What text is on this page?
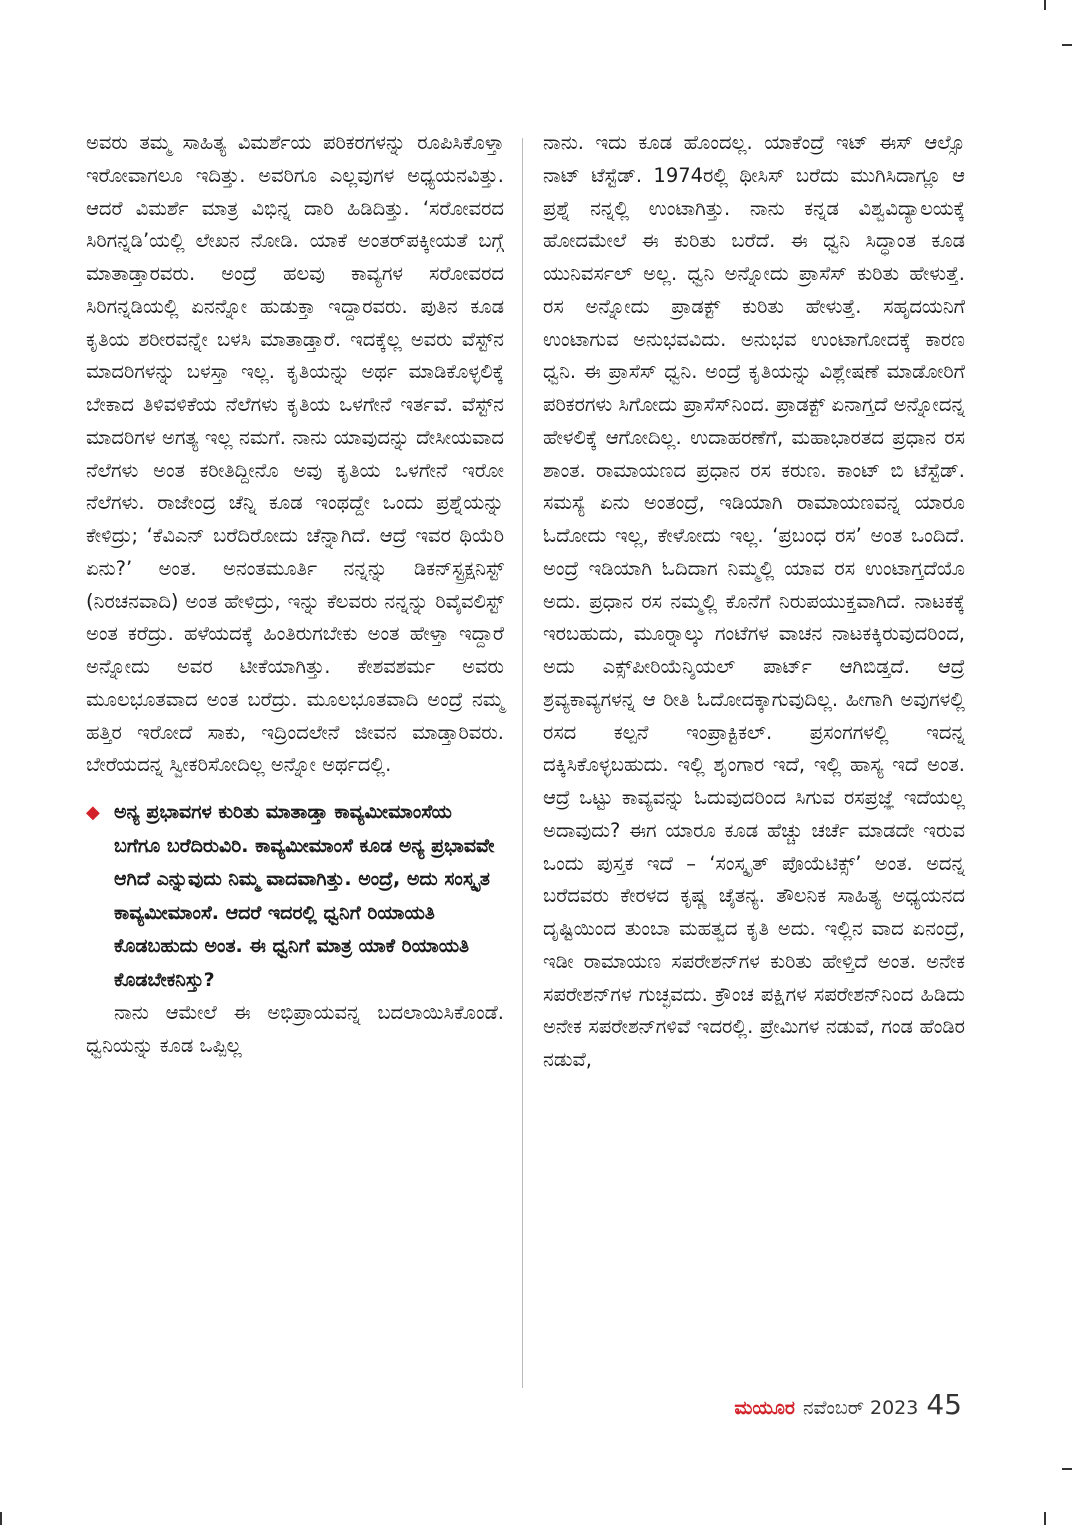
ಅವರು ತಮ್ಮ ಸಾಹಿತ್ಯ ವಿಮರ್ಶೆಯ ಪರಿಕರಗಳನ್ನು ರೂಪಿಸಿಕೊಳ್ತಾ ಇರೋವಾಗಲೂ ಇದಿತ್ತು. ಅವರಿಗೂ ಎಲ್ಲವುಗಳ ಅಧ್ಯಯನವಿತ್ತು. ಆದರೆ ವಿಮರ್ಶೆ ಮಾತ್ರ ವಿಭಿನ್ನ ದಾರಿ ಹಿಡಿದಿತ್ತು. ‘ಸರೋವರದ ಸಿರಿಗನ್ನಡಿ’ಯಲ್ಲಿ ಲೇಖನ ನೋಡಿ. ಯಾಕೆ ಅಂತರ್‌ಪಕ್ಕೀಯತೆ ಬಗ್ಗೆ ಮಾತಾಡ್ತಾರವರು. ಅಂದ್ರೆ ಹಲವು ಕಾವ್ಯಗಳ ಸರೋವರದ ಸಿರಿಗನ್ನಡಿಯಲ್ಲಿ ಏನನ್ನೋ ಹುಡುಕ್ತಾ ಇದ್ದಾರವರು. ಪುತಿನ ಕೂಡ ಕೃತಿಯ ಶರೀರವನ್ನೇ ಬಳಸಿ ಮಾತಾಡ್ತಾರೆ. ಇದಕ್ಕೆಲ್ಲ ಅವರು ವೆಸ್ಟ್‌ನ ಮಾದರಿಗಳನ್ನು ಬಳಸ್ತಾ ಇಲ್ಲ. ಕೃತಿಯನ್ನು ಅರ್ಥ ಮಾಡಿಕೊಳ್ಳಲಿಕ್ಕೆ ಬೇಕಾದ ತಿಳಿವಳಿಕೆಯ ನೆಲೆಗಳು ಕೃತಿಯ ಒಳಗೇನೆ ಇರ್ತವೆ. ವೆಸ್ಟ್‌ನ ಮಾದರಿಗಳ ಅಗತ್ಯ ಇಲ್ಲ ನಮಗೆ. ನಾನು ಯಾವುದನ್ನು ದೇಸೀಯವಾದ ನೆಲೆಗಳು ಅಂತ ಕರೀತಿದ್ದೀನೊ ಅವು ಕೃತಿಯ ಒಳಗೇನೆ ಇರೋ ನೆಲೆಗಳು. ರಾಜೇಂದ್ರ ಚೆನ್ನಿ ಕೂಡ ಇಂಥದ್ದೇ ಒಂದು ಪ್ರಶ್ನೆಯನ್ನು ಕೇಳಿದ್ರು; ‘ಕೆವಿಎನ್ ಬರೆದಿರೋದು ಚೆನ್ನಾಗಿದೆ. ಆದ್ರೆ ಇವರ ಥಿಯೆರಿ ಏನು?’ ಅಂತ. ಅನಂತಮೂರ್ತಿ ನನ್ನನ್ನು ಡಿಕನ್‌ಸ್ಟ್ರಕ್ಷನಿಸ್ಟ್ (ನಿರಚನವಾದಿ) ಅಂತ ಹೇಳಿದ್ರು, ಇನ್ನು ಕೆಲವರು ನನ್ನನ್ನು ರಿವೈವಲಿಸ್ಟ್ ಅಂತ ಕರೆದ್ರು. ಹಳೆಯದಕ್ಕೆ ಹಿಂತಿರುಗಬೇಕು ಅಂತ ಹೇಳ್ತಾ ಇದ್ದಾರೆ ಅನ್ನೋದು ಅವರ ಟೀಕೆಯಾಗಿತ್ತು. ಕೇಶವಶರ್ಮ ಅವರು ಮೂಲಭೂತವಾದ ಅಂತ ಬರೆದ್ರು. ಮೂಲಭೂತವಾದಿ ಅಂದ್ರೆ ನಮ್ಮ ಹತ್ತಿರ ಇರೋದೆ ಸಾಕು, ಇದ್ರಿಂದಲೇನೆ ಜೀವನ ಮಾಡ್ತಾರಿವರು. ಬೇರೆಯದನ್ನ ಸ್ವೀಕರಿಸೋದಿಲ್ಲ ಅನ್ನೋ ಅರ್ಥದಲ್ಲಿ.

◆ ಅನ್ಯ ಪ್ರಭಾವಗಳ ಕುರಿತು ಮಾತಾಡ್ತಾ ಕಾವ್ಯಮೀಮಾಂಸೆಯ ಬಗೆಗೂ ಬರೆದಿರುವಿರಿ. ಕಾವ್ಯಮೀಮಾಂಸೆ ಕೂಡ ಅನ್ಯ ಪ್ರಭಾವವೇ ಆಗಿದೆ ಎನ್ನುವುದು ನಿಮ್ಮ ವಾದವಾಗಿತ್ತು. ಅಂದ್ರೆ, ಅದು ಸಂಸ್ಕೃತ ಕಾವ್ಯಮೀಮಾಂಸೆ. ಆದರೆ ಇದರಲ್ಲಿ ಧ್ವನಿಗೆ ರಿಯಾಯತಿ ಕೊಡಬಹುದು ಅಂತ. ಈ ಧ್ವನಿಗೆ ಮಾತ್ರ ಯಾಕೆ ರಿಯಾಯತಿ ಕೊಡಬೇಕನಿಸ್ತು?

ನಾನು ಆಮೇಲೆ ಈ ಅಭಿಪ್ರಾಯವನ್ನ ಬದಲಾಯಿಸಿಕೊಂಡೆ. ಧ್ವನಿಯನ್ನು ಕೂಡ ಒಪ್ಪಿಲ್ಲ

ನಾನು. ಇದು ಕೂಡ ಹೊಂದಲ್ಲ. ಯಾಕೆಂದ್ರೆ ಇಟ್ ಈಸ್ ಆಲ್ಸೊ ನಾಟ್ ಟೆಸ್ಟೆಡ್. 1974ರಲ್ಲಿ ಥೀಸಿಸ್ ಬರೆದು ಮುಗಿಸಿದಾಗ್ಲೂ ಆ ಪ್ರಶ್ನೆ ನನ್ನಲ್ಲಿ ಉಂಟಾಗಿತ್ತು. ನಾನು ಕನ್ನಡ ವಿಶ್ವವಿದ್ಯಾಲಯಕ್ಕೆ ಹೋದಮೇಲೆ ಈ ಕುರಿತು ಬರೆದೆ. ಈ ಧ್ವನಿ ಸಿದ್ಧಾಂತ ಕೂಡ ಯುನಿವರ್ಸಲ್ ಅಲ್ಲ. ಧ್ವನಿ ಅನ್ನೋದು ಪ್ರಾಸೆಸ್ ಕುರಿತು ಹೇಳುತ್ತೆ. ರಸ ಅನ್ನೋದು ಪ್ರಾಡಕ್ಟ್ ಕುರಿತು ಹೇಳುತ್ತೆ. ಸಹೃದಯನಿಗೆ ಉಂಟಾಗುವ ಅನುಭವವಿದು. ಅನುಭವ ಉಂಟಾಗೋದಕ್ಕೆ ಕಾರಣ ಧ್ವನಿ. ಈ ಪ್ರಾಸೆಸ್ ಧ್ವನಿ. ಅಂದ್ರೆ ಕೃತಿಯನ್ನು ವಿಶ್ಲೇಷಣೆ ಮಾಡೋರಿಗೆ ಪರಿಕರಗಳು ಸಿಗೋದು ಪ್ರಾಸೆಸ್‌ನಿಂದ. ಪ್ರಾಡಕ್ಟ್ ಏನಾಗ್ತದೆ ಅನ್ನೋದನ್ನ ಹೇಳಲಿಕ್ಕೆ ಆಗೋದಿಲ್ಲ. ಉದಾಹರಣೆಗೆ, ಮಹಾಭಾರತದ ಪ್ರಧಾನ ರಸ ಶಾಂತ. ರಾಮಾಯಣದ ಪ್ರಧಾನ ರಸ ಕರುಣ. ಕಾಂಟ್ ಬಿ ಟೆಸ್ಟೆಡ್. ಸಮಸ್ಯೆ ಏನು ಅಂತಂದ್ರೆ, ಇಡಿಯಾಗಿ ರಾಮಾಯಣವನ್ನ ಯಾರೂ ಓದೋದು ಇಲ್ಲ, ಕೇಳೋದು ಇಲ್ಲ. ‘ಪ್ರಬಂಧ ರಸ’ ಅಂತ ಒಂದಿದೆ. ಅಂದ್ರೆ ಇಡಿಯಾಗಿ ಓದಿದಾಗ ನಿಮ್ಮಲ್ಲಿ ಯಾವ ರಸ ಉಂಟಾಗ್ತದೆಯೊ ಅದು. ಪ್ರಧಾನ ರಸ ನಮ್ಮಲ್ಲಿ ಕೊನೆಗೆ ನಿರುಪಯುಕ್ತವಾಗಿದೆ. ನಾಟಕಕ್ಕೆ ಇರಬಹುದು, ಮೂರ್‍ನಾಲ್ಕು ಗಂಟೆಗಳ ವಾಚನ ನಾಟಕಕ್ಕಿರುವುದರಿಂದ, ಅದು ಎಕ್ಸ್‌ಪೀರಿಯೆನ್ಶಿಯಲ್ ಪಾರ್ಟ್ ಆಗಿಬಿಡ್ತದೆ. ಆದ್ರೆ ಶ್ರವ್ಯಕಾವ್ಯಗಳನ್ನ ಆ ರೀತಿ ಓದೋದಕ್ಕಾಗುವುದಿಲ್ಲ. ಹೀಗಾಗಿ ಅವುಗಳಲ್ಲಿ ರಸದ ಕಲ್ಪನೆ ಇಂಪ್ರಾಕ್ಟಿಕಲ್. ಪ್ರಸಂಗಗಳಲ್ಲಿ ಇದನ್ನ ದಕ್ಕಿಸಿಕೊಳ್ಳಬಹುದು. ಇಲ್ಲಿ ಶೃಂಗಾರ ಇದೆ, ಇಲ್ಲಿ ಹಾಸ್ಯ ಇದೆ ಅಂತ. ಆದ್ರೆ ಒಟ್ಟು ಕಾವ್ಯವನ್ನು ಓದುವುದರಿಂದ ಸಿಗುವ ರಸಪ್ರಜ್ಞೆ ಇದೆಯಲ್ಲ ಅದಾವುದು? ಈಗ ಯಾರೂ ಕೂಡ ಹೆಚ್ಚು ಚರ್ಚೆ ಮಾಡದೇ ಇರುವ ಒಂದು ಪುಸ್ತಕ ಇದೆ – ‘ಸಂಸ್ಕೃತ್ ಪೊಯೆಟಿಕ್ಸ್’ ಅಂತ. ಅದನ್ನ ಬರೆದವರು ಕೇರಳದ ಕೃಷ್ಣ ಚೈತನ್ಯ. ತೌಲನಿಕ ಸಾಹಿತ್ಯ ಅಧ್ಯಯನದ ದೃಷ್ಟಿಯಿಂದ ತುಂಬಾ ಮಹತ್ವದ ಕೃತಿ ಅದು. ಇಲ್ಲಿನ ವಾದ ಏನಂದ್ರೆ, ಇಡೀ ರಾಮಾಯಣ ಸಪರೇಶನ್‌ಗಳ ಕುರಿತು ಹೇಳ್ತಿದೆ ಅಂತ. ಅನೇಕ ಸಪರೇಶನ್‌ಗಳ ಗುಚ್ಛವದು. ಕ್ರೌಂಚ ಪಕ್ಷಿಗಳ ಸಪರೇಶನ್‌ನಿಂದ ಹಿಡಿದು ಅನೇಕ ಸಪರೇಶನ್‌ಗಳಿವೆ ಇದರಲ್ಲಿ. ಪ್ರೇಮಿಗಳ ನಡುವೆ, ಗಂಡ ಹೆಂಡಿರ ನಡುವೆ,

ಮಯೂರ ನವೆಂಬರ್ 2023 45
